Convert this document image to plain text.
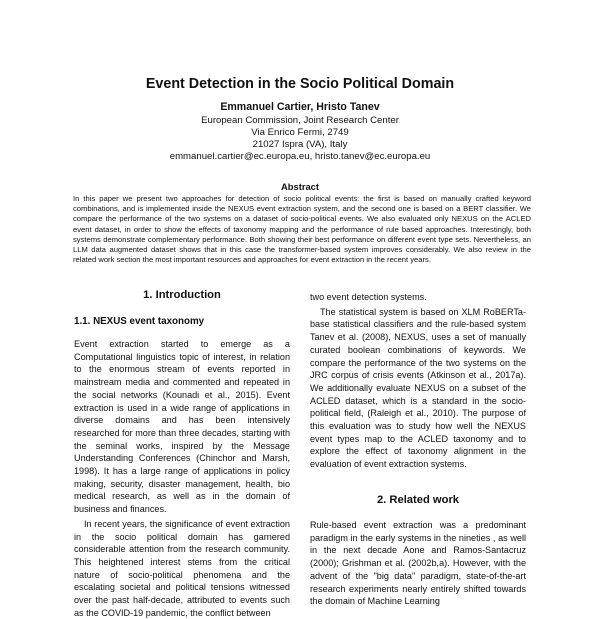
Event Detection in the Socio Political Domain
Emmanuel Cartier, Hristo Tanev
European Commission, Joint Research Center
Via Enrico Fermi, 2749
21027 Ispra (VA), Italy
emmanuel.cartier@ec.europa.eu, hristo.tanev@ec.europa.eu
Abstract
In this paper we present two approaches for detection of socio political events: the first is based on manually crafted keyword combinations, and is implemented inside the NEXUS event extraction system, and the second one is based on a BERT classifier. We compare the performance of the two systems on a dataset of socio-political events. We also evaluated only NEXUS on the ACLED event dataset, in order to show the effects of taxonomy mapping and the performance of rule based approaches. Interestingly, both systems demonstrate complementary performance. Both showing their best performance on different event type sets. Nevertheless, an LLM data augmented dataset shows that in this case the transformer-based system improves considerably. We also review in the related work section the most important resources and approaches for event extraction in the recent years.
1. Introduction
1.1. NEXUS event taxonomy

Event extraction started to emerge as a Computational linguistics topic of interest, in relation to the enormous stream of events reported in mainstream media and commented and repeated in the social networks (Kounadi et al., 2015). Event extraction is used in a wide range of applications in diverse domains and has been intensively researched for more than three decades, starting with the seminal works, inspired by the Message Understanding Conferences (Chinchor and Marsh, 1998). It has a large range of applications in policy making, security, disaster management, health, bio medical research, as well as in the domain of business and finances.

In recent years, the significance of event extraction in the socio political domain has garnered considerable attention from the research community. This heightened interest stems from the critical nature of socio-political phenomena and the escalating societal and political tensions witnessed over the past half-decade, attributed to events such as the COVID-19 pandemic, the conflict between

two event detection systems.

The statistical system is based on XLM RoBERTa-base statistical classifiers and the rule-based system Tanev et al. (2008), NEXUS, uses a set of manually curated boolean combinations of keywords. We compare the performance of the two systems on the JRC corpus of crisis events (Atkinson et al., 2017a). We additionally evaluate NEXUS on a subset of the ACLED dataset, which is a standard in the socio-political field, (Raleigh et al., 2010). The purpose of this evaluation was to study how well the NEXUS event types map to the ACLED taxonomy and to explore the effect of taxonomy alignment in the evaluation of event extraction systems.

2. Related work

Rule-based event extraction was a predominant paradigm in the early systems in the nineties , as well in the next decade Aone and Ramos-Santacruz (2000); Grishman et al. (2002b,a). However, with the advent of the "big data" paradigm, state-of-the-art research experiments nearly entirely shifted towards the domain of Machine Learning
